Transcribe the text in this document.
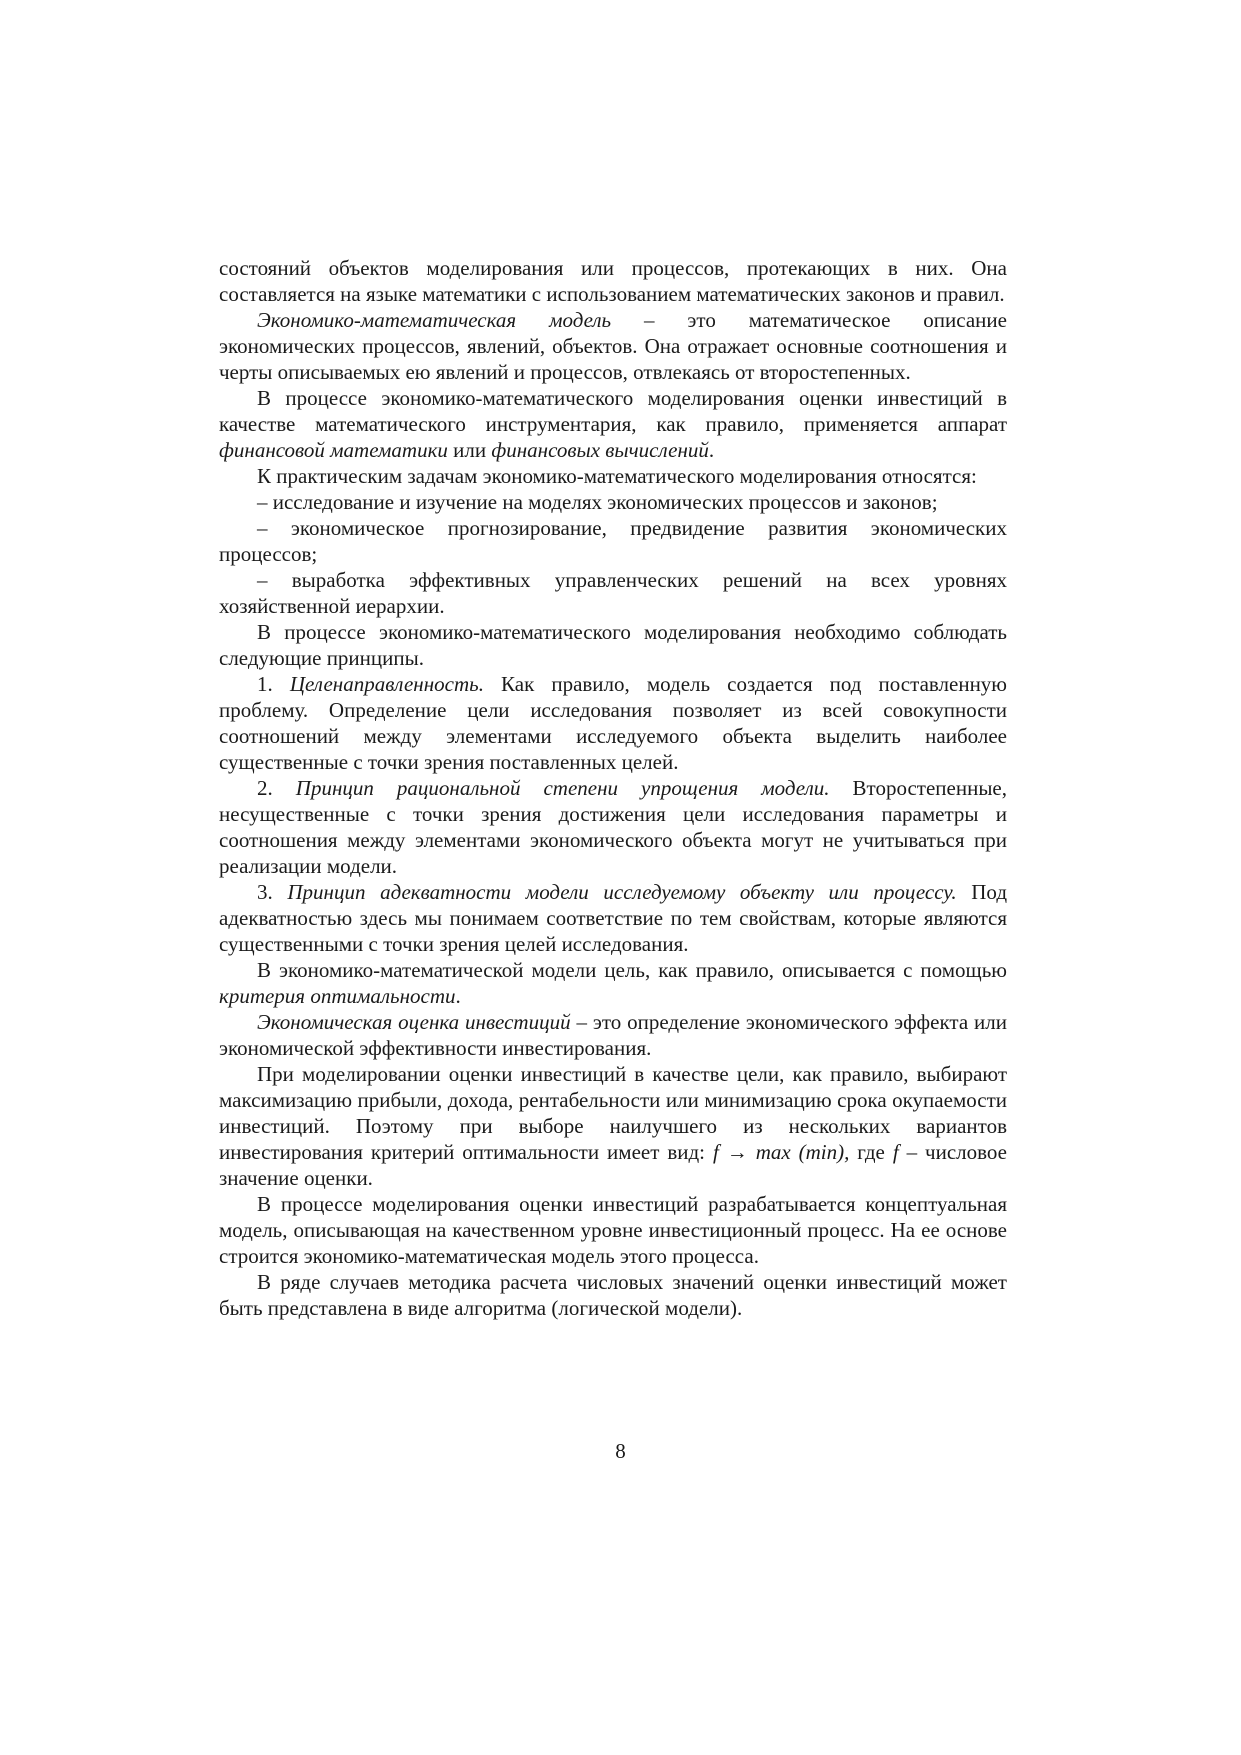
состояний объектов моделирования или процессов, протекающих в них. Она составляется на языке математики с использованием математических законов и правил.

Экономико-математическая модель – это математическое описание экономических процессов, явлений, объектов. Она отражает основные соотношения и черты описываемых ею явлений и процессов, отвлекаясь от второстепенных.

В процессе экономико-математического моделирования оценки инвестиций в качестве математического инструментария, как правило, применяется аппарат финансовой математики или финансовых вычислений.

К практическим задачам экономико-математического моделирования относятся:

– исследование и изучение на моделях экономических процессов и законов;

– экономическое прогнозирование, предвидение развития экономических процессов;

– выработка эффективных управленческих решений на всех уровнях хозяйственной иерархии.

В процессе экономико-математического моделирования необходимо соблюдать следующие принципы.

1. Целенаправленность. Как правило, модель создается под поставленную проблему. Определение цели исследования позволяет из всей совокупности соотношений между элементами исследуемого объекта выделить наиболее существенные с точки зрения поставленных целей.

2. Принцип рациональной степени упрощения модели. Второстепенные, несущественные с точки зрения достижения цели исследования параметры и соотношения между элементами экономического объекта могут не учитываться при реализации модели.

3. Принцип адекватности модели исследуемому объекту или процессу. Под адекватностью здесь мы понимаем соответствие по тем свойствам, которые являются существенными с точки зрения целей исследования.

В экономико-математической модели цель, как правило, описывается с помощью критерия оптимальности.

Экономическая оценка инвестиций – это определение экономического эффекта или экономической эффективности инвестирования.

При моделировании оценки инвестиций в качестве цели, как правило, выбирают максимизацию прибыли, дохода, рентабельности или минимизацию срока окупаемости инвестиций. Поэтому при выборе наилучшего из нескольких вариантов инвестирования критерий оптимальности имеет вид: f → max (min), где f – числовое значение оценки.

В процессе моделирования оценки инвестиций разрабатывается концептуальная модель, описывающая на качественном уровне инвестиционный процесс. На ее основе строится экономико-математическая модель этого процесса.

В ряде случаев методика расчета числовых значений оценки инвестиций может быть представлена в виде алгоритма (логической модели).

8
